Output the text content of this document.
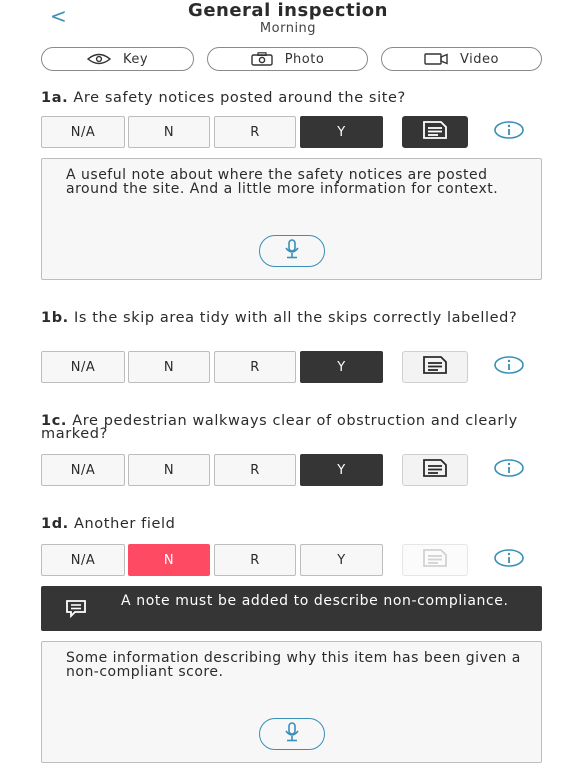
<	General inspection
Morning
Key	Photo	Video
1a. Are safety notices posted around the site?
N/A	N	R	Y
A useful note about where the safety notices are posted around the site. And a little more information for context.
1b. Is the skip area tidy with all the skips correctly labelled?
N/A	N	R	Y
1c. Are pedestrian walkways clear of obstruction and clearly marked?
N/A	N	R	Y
1d. Another field
N/A	N	R	Y
A note must be added to describe non-compliance.
Some information describing why this item has been given a non-compliant score.
